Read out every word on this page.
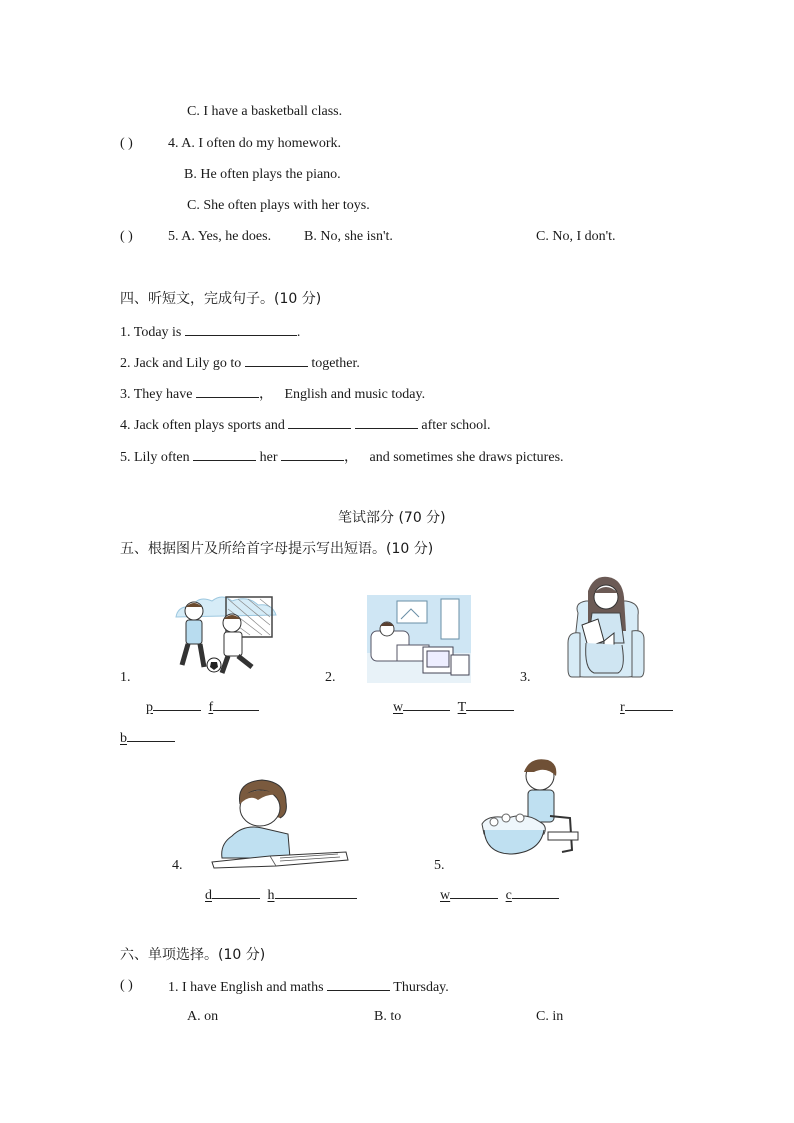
C. I have a basketball class.
( )	4. A. I often do my homework.
B. He often plays the piano.
C. She often plays with her toys.
( )	5. A. Yes, he does. B. No, she isn't.	C. No, I don't.
四、听短文，完成句子。(10 分)
1. Today is	.
2. Jack and Lily go to	together.
3. They have	， English and music today.
4. Jack often plays sports and	after school.
5. Lily often	her	， and sometimes she draws pictures.
笔试部分 (70 分)
五、根据图片及所给首字母提示写出短语。(10 分)
1.
p	f
b
2.
w	T
3.
r
4.
d	h
5.
w	c
六、单项选择。(10 分)
( )	1. I have English and maths	Thursday.
A. on	B. to	C. in
